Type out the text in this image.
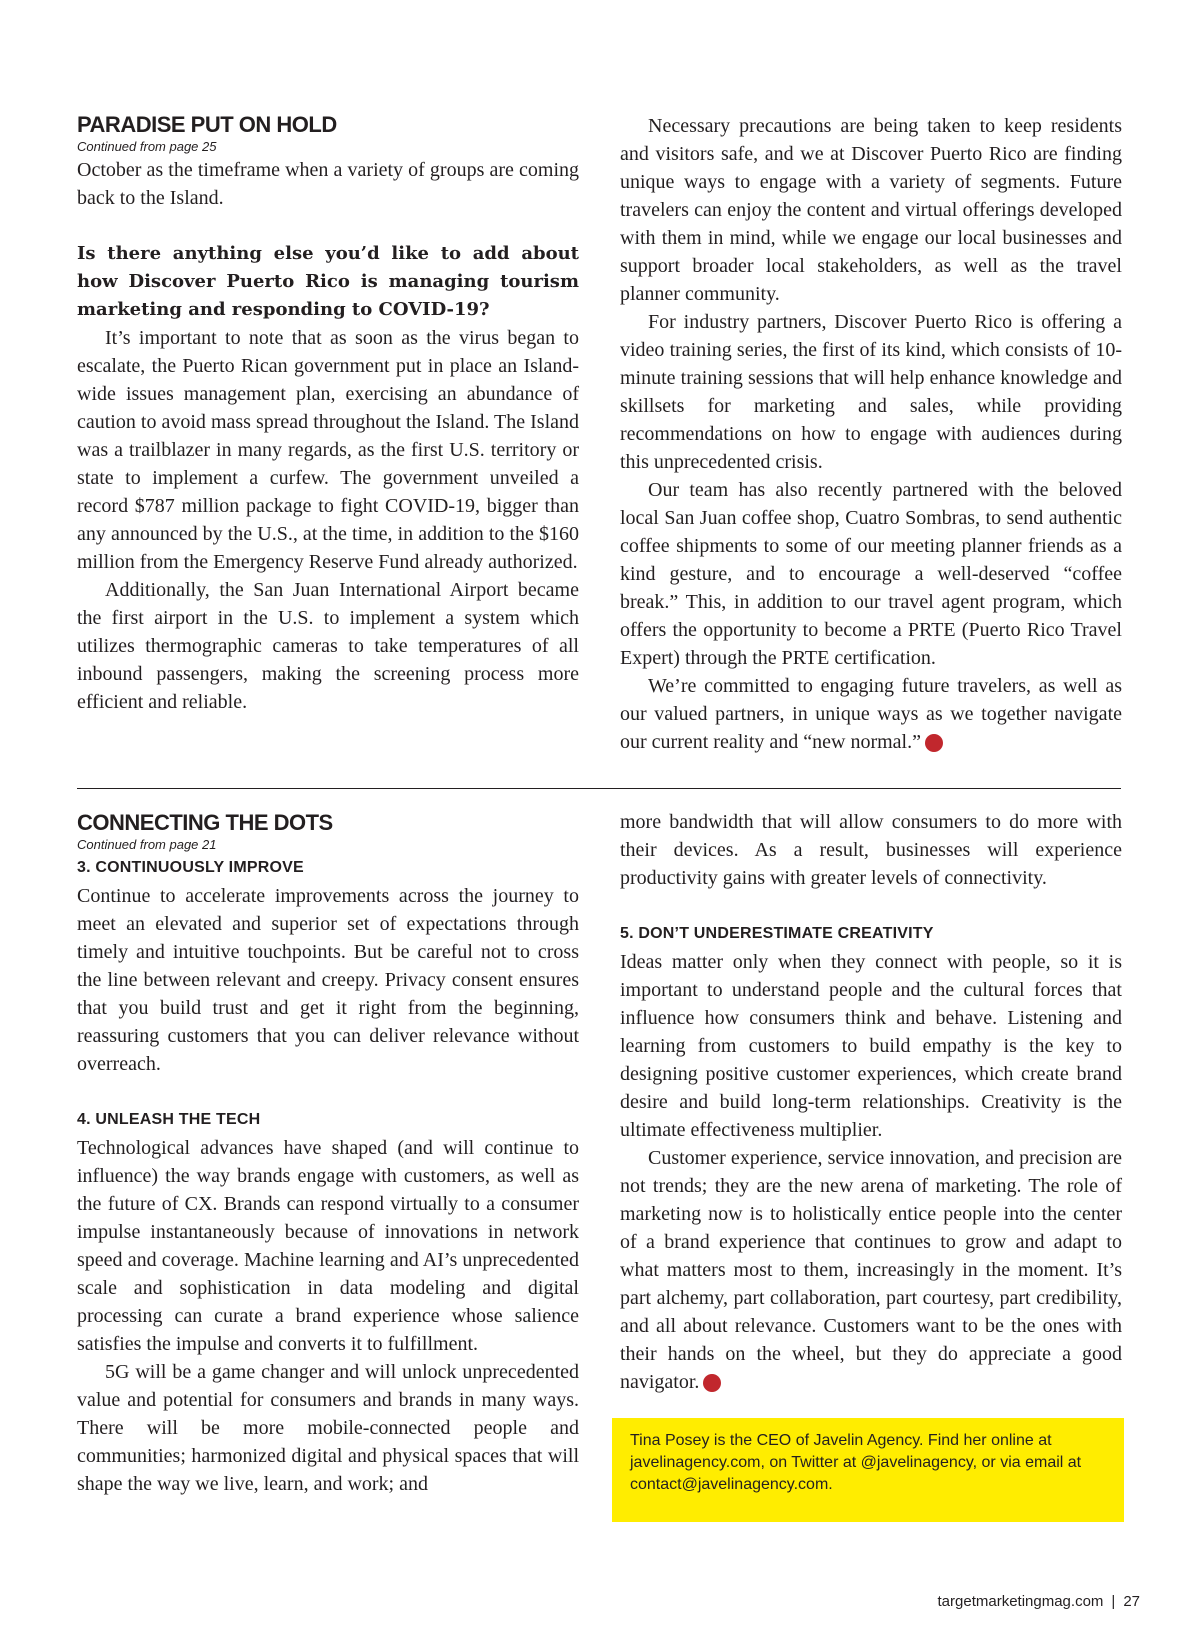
PARADISE PUT ON HOLD

Continued from page 25

October as the timeframe when a variety of groups are coming back to the Island.

Is there anything else you’d like to add about how Discover Puerto Rico is managing tourism marketing and responding to COVID-19?

It’s important to note that as soon as the virus began to escalate, the Puerto Rican government put in place an Island-wide issues management plan, exercising an abundance of caution to avoid mass spread throughout the Island. The Island was a trailblazer in many regards, as the first U.S. territory or state to implement a curfew. The government unveiled a record $787 million package to fight COVID-19, bigger than any announced by the U.S., at the time, in addition to the $160 million from the Emergency Reserve Fund already authorized.

Additionally, the San Juan International Airport became the first airport in the U.S. to implement a system which utilizes thermographic cameras to take temperatures of all inbound passengers, making the screening process more efficient and reliable.

Necessary precautions are being taken to keep residents and visitors safe, and we at Discover Puerto Rico are finding unique ways to engage with a variety of segments. Future travelers can enjoy the content and virtual offerings developed with them in mind, while we engage our local businesses and support broader local stakeholders, as well as the travel planner community.

For industry partners, Discover Puerto Rico is offering a video training series, the first of its kind, which consists of 10-minute training sessions that will help enhance knowledge and skillsets for marketing and sales, while providing recommendations on how to engage with audiences during this unprecedented crisis.

Our team has also recently partnered with the beloved local San Juan coffee shop, Cuatro Sombras, to send authentic coffee shipments to some of our meeting planner friends as a kind gesture, and to encourage a well-deserved “coffee break.” This, in addition to our travel agent program, which offers the opportunity to become a PRTE (Puerto Rico Travel Expert) through the PRTE certification.

We’re committed to engaging future travelers, as well as our valued partners, in unique ways as we together navigate our current reality and “new normal.”	TM

CONNECTING THE DOTS

Continued from page 21

3. CONTINUOUSLY IMPROVE

Continue to accelerate improvements across the journey to meet an elevated and superior set of expectations through timely and intuitive touchpoints. But be careful not to cross the line between relevant and creepy. Privacy consent ensures that you build trust and get it right from the beginning, reassuring customers that you can deliver relevance without overreach.

4. UNLEASH THE TECH

Technological advances have shaped (and will continue to influence) the way brands engage with customers, as well as the future of CX. Brands can respond virtually to a consumer impulse instantaneously because of innovations in network speed and coverage. Machine learning and AI’s unprecedented scale and sophistication in data modeling and digital processing can curate a brand experience whose salience satisfies the impulse and converts it to fulfillment.

5G will be a game changer and will unlock unprecedented value and potential for consumers and brands in many ways. There will be more mobile-connected people and communities; harmonized digital and physical spaces that will shape the way we live, learn, and work; and

more bandwidth that will allow consumers to do more with their devices. As a result, businesses will experience productivity gains with greater levels of connectivity.

5. DON’T UNDERESTIMATE CREATIVITY

Ideas matter only when they connect with people, so it is important to understand people and the cultural forces that influence how consumers think and behave. Listening and learning from customers to build empathy is the key to designing positive customer experiences, which create brand desire and build long-term relationships. Creativity is the ultimate effectiveness multiplier.

Customer experience, service innovation, and precision are not trends; they are the new arena of marketing. The role of marketing now is to holistically entice people into the center of a brand experience that continues to grow and adapt to what matters most to them, increasingly in the moment. It’s part alchemy, part collaboration, part courtesy, part credibility, and all about relevance. Customers want to be the ones with their hands on the wheel, but they do appreciate a good navigator.	TM

Tina Posey is the CEO of Javelin Agency. Find her online at javelinagency.com, on Twitter at @javelinagency, or via email at contact@javelinagency.com.
targetmarketingmag.com | 27
